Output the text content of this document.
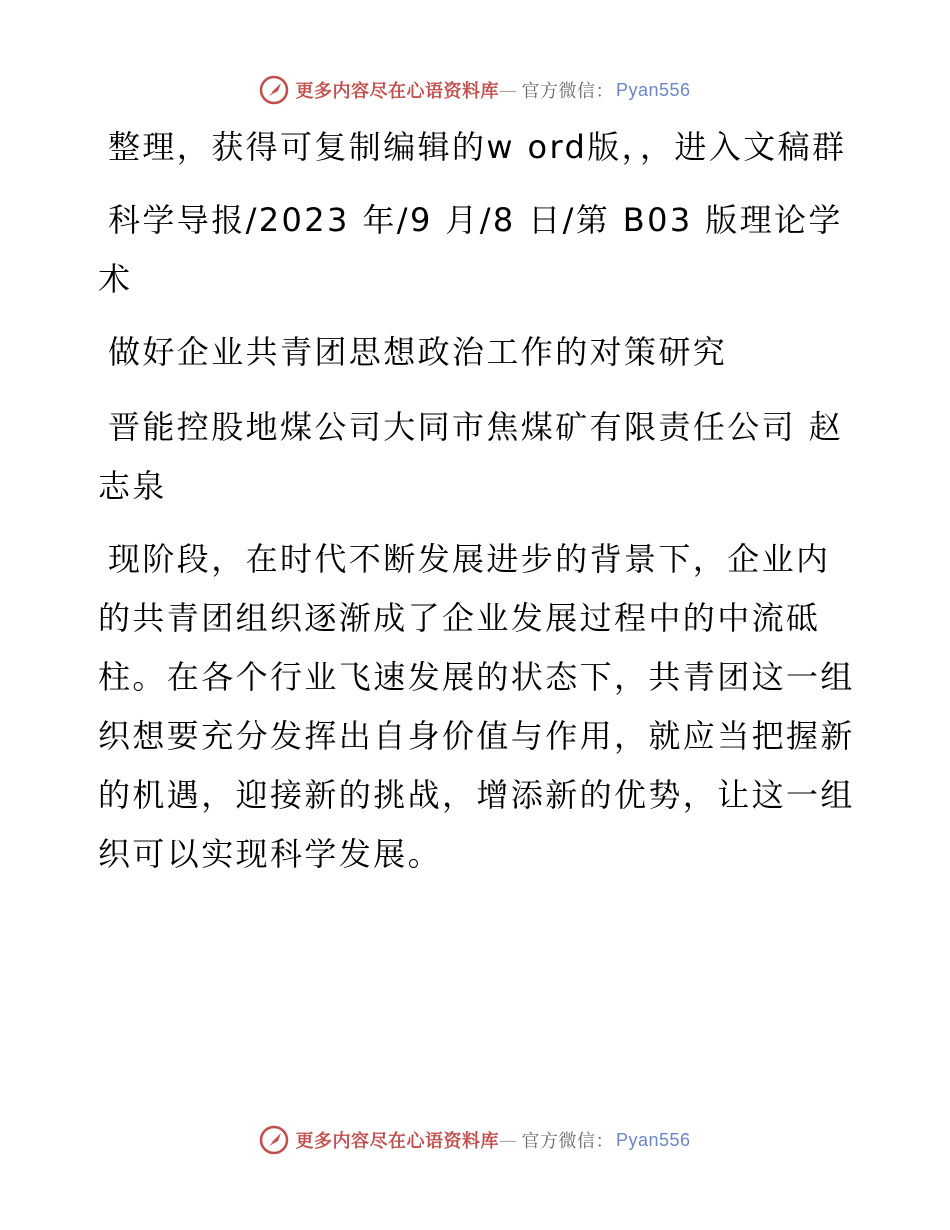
更多内容尽在心语资料库 — 官方微信： Pyan556

整理，获得可复制编辑的w ord版，，进入文稿群

科学导报/2023 年/9 月/8 日/第 B03 版理论学术

做好企业共青团思想政治工作的对策研究

晋能控股地煤公司大同市焦煤矿有限责任公司 赵志泉

现阶段，在时代不断发展进步的背景下，企业内的共青团组织逐渐成了企业发展过程中的中流砥柱。在各个行业飞速发展的状态下，共青团这一组织想要充分发挥出自身价值与作用，就应当把握新的机遇，迎接新的挑战，增添新的优势，让这一组织可以实现科学发展。

更多内容尽在心语资料库 — 官方微信： Pyan556
